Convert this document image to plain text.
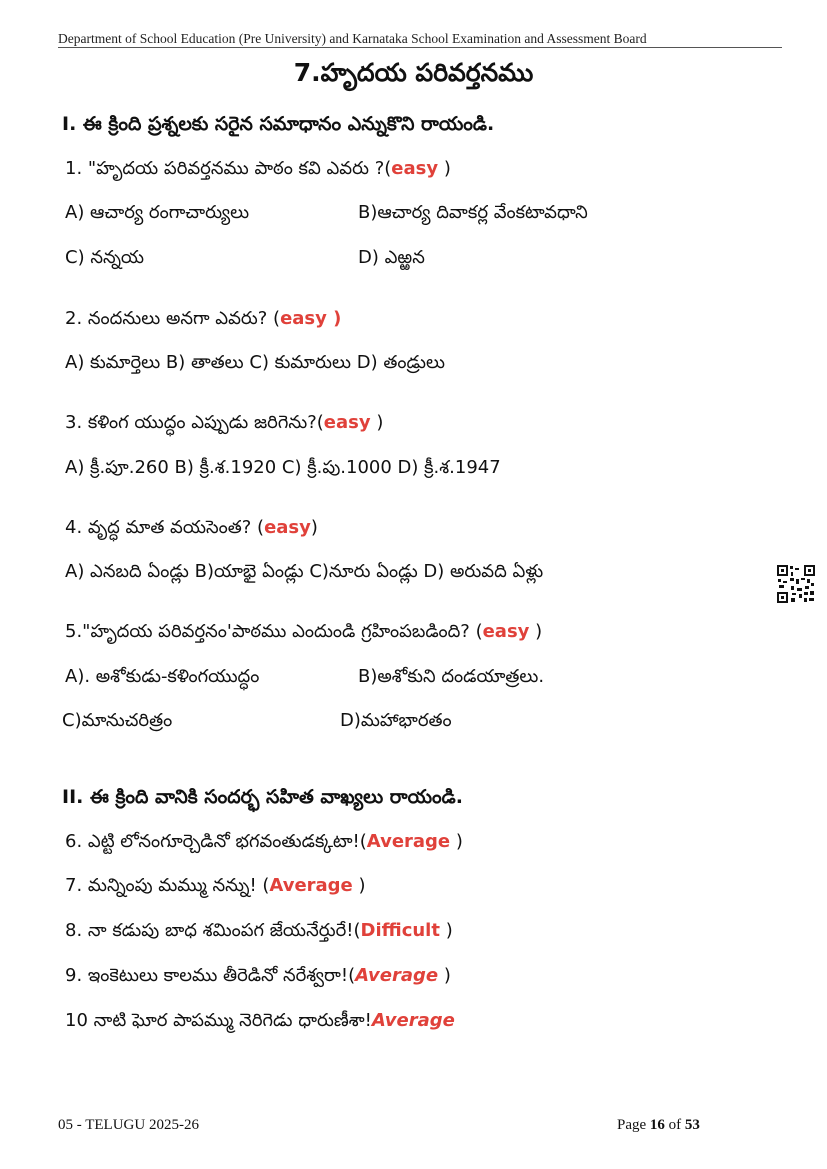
Department of School Education (Pre University) and Karnataka School Examination and Assessment Board
7.హృదయ పరివర్తనము
I. ఈ క్రింది ప్రశ్నలకు సరైన సమాధానం ఎన్నుకొని రాయండి.
1. "హృదయ పరివర్తనము పాఠం కవి ఎవరు ?(easy )
A) ఆచార్య రంగాచార్యులు	B)ఆచార్య దివాకర్ల వేంకటావధాని
C) నన్నయ	D) ఎఱ్ఱన
2. నందనులు అనగా ఎవరు? (easy )
A) కుమార్తెలు B) తాతలు C) కుమారులు D) తండ్రులు
3. కళింగ యుద్ధం ఎప్పుడు జరిగెను?(easy )
A) క్రీ.పూ.260 B) క్రీ.శ.1920 C) క్రీ.పు.1000 D) క్రీ.శ.1947
4. వృద్ధ మాత వయసెంత? (easy)
A) ఎనబది ఏండ్లు B)యాభై ఏండ్లు C)నూరు ఏండ్లు D) అరువది ఏళ్లు
5."హృదయ పరివర్తనం'పాఠము ఎందుండి గ్రహింపబడింది? (easy )
A). అశోకుడు-కళింగయుద్ధం	B)అశోకుని దండయాత్రలు.
C)మానుచరిత్రం	D)మహాభారతం
II. ఈ క్రింది వానికి సందర్భ సహిత వాఖ్యలు రాయండి.
6. ఎట్టి లోనంగూర్చెడినో భగవంతుడక్కటా!(Average )
7. మన్నింపు మమ్ము నన్ను! (Average )
8. నా కడుపు బాధ శమింపగ జేయనేర్తురే!(Difficult )
9. ఇంకెటులు కాలము తీరెడినో నరేశ్వరా!(Average )
10 నాటి ఘోర పాపమ్ము నెరిగెడు ధారుణీశా!Average
05 - TELUGU 2025-26	Page 16 of 53
